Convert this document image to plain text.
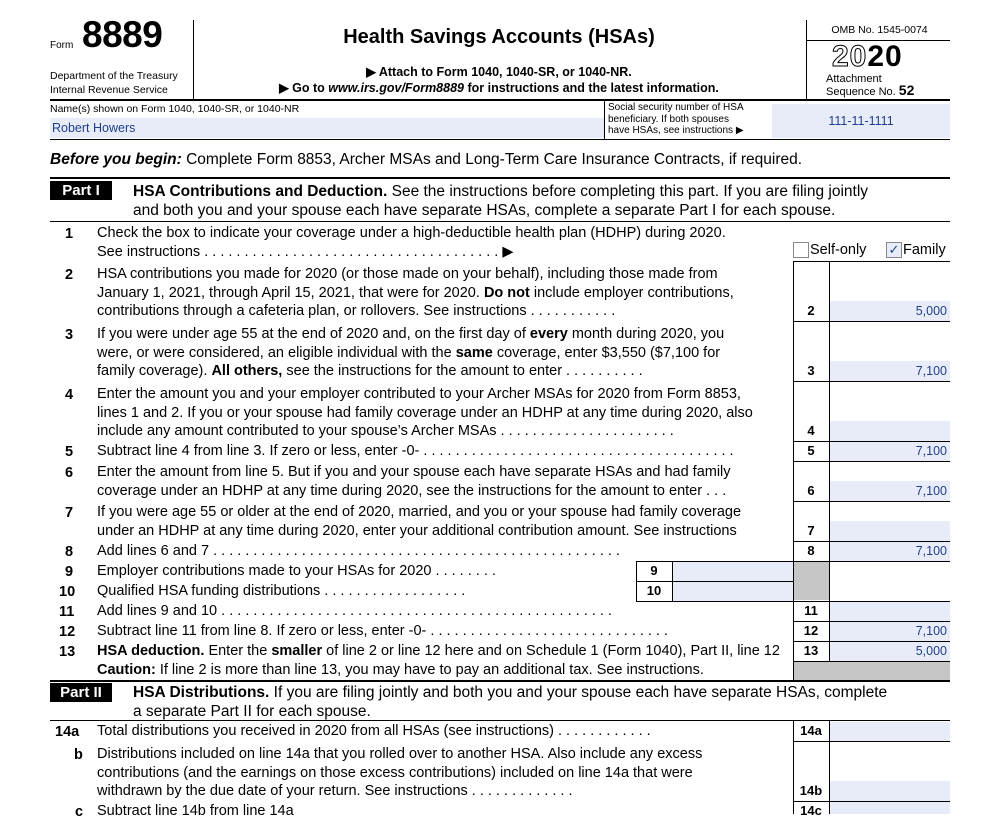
Form 8889
Department of the Treasury
Internal Revenue Service
Health Savings Accounts (HSAs)
▶ Attach to Form 1040, 1040-SR, or 1040-NR.
▶ Go to www.irs.gov/Form8889 for instructions and the latest information.
OMB No. 1545-0074
2020
Attachment
Sequence No. 52
Name(s) shown on Form 1040, 1040-SR, or 1040-NR
Robert Howers
Social security number of HSA
beneficiary. If both spouses
have HSAs, see instructions ▶
111-11-1111
Before you begin: Complete Form 8853, Archer MSAs and Long-Term Care Insurance Contracts, if required.
Part I	HSA Contributions and Deduction. See the instructions before completing this part. If you are filing jointly
and both you and your spouse each have separate HSAs, complete a separate Part I for each spouse.
1 Check the box to indicate your coverage under a high-deductible health plan (HDHP) during 2020.
See instructions . . . . . . . . . . . . . . . . . . . . . . . . . . . . . . . . . . . . . ▶	Self-only ✓ Family
2 HSA contributions you made for 2020 (or those made on your behalf), including those made from
January 1, 2021, through April 15, 2021, that were for 2020. Do not include employer contributions,
contributions through a cafeteria plan, or rollovers. See instructions . . . . . . . . . . .	2	5,000
3 If you were under age 55 at the end of 2020 and, on the first day of every month during 2020, you
were, or were considered, an eligible individual with the same coverage, enter $3,550 ($7,100 for
family coverage). All others, see the instructions for the amount to enter . . . . . . . . . .	3	7,100
4 Enter the amount you and your employer contributed to your Archer MSAs for 2020 from Form 8853,
lines 1 and 2. If you or your spouse had family coverage under an HDHP at any time during 2020, also
include any amount contributed to your spouse’s Archer MSAs . . . . . . . . . . . . . . . . . . . . . .	4
5 Subtract line 4 from line 3. If zero or less, enter -0- . . . . . . . . . . . . . . . . . . . . . . . . . . . . . . . . . . . . . . .	5	7,100
6 Enter the amount from line 5. But if you and your spouse each have separate HSAs and had family
coverage under an HDHP at any time during 2020, see the instructions for the amount to enter . . .	6	7,100
7 If you were age 55 or older at the end of 2020, married, and you or your spouse had family coverage
under an HDHP at any time during 2020, enter your additional contribution amount. See instructions	7
8 Add lines 6 and 7 . . . . . . . . . . . . . . . . . . . . . . . . . . . . . . . . . . . . . . . . . . . . . . . . . . .	8	7,100
9 Employer contributions made to your HSAs for 2020 . . . . . . . .	9
10 Qualified HSA funding distributions . . . . . . . . . . . . . . . . . .	10
11 Add lines 9 and 10 . . . . . . . . . . . . . . . . . . . . . . . . . . . . . . . . . . . . . . . . . . . . . . . . .	11
12 Subtract line 11 from line 8. If zero or less, enter -0- . . . . . . . . . . . . . . . . . . . . . . . . . . . . . .	12	7,100
13 HSA deduction. Enter the smaller of line 2 or line 12 here and on Schedule 1 (Form 1040), Part II, line 12
Caution: If line 2 is more than line 13, you may have to pay an additional tax. See instructions.
13	5,000
Part II	HSA Distributions. If you are filing jointly and both you and your spouse each have separate HSAs, complete
a separate Part II for each spouse.
14a Total distributions you received in 2020 from all HSAs (see instructions) . . . . . . . . . . . .	14a
b Distributions included on line 14a that you rolled over to another HSA. Also include any excess
contributions (and the earnings on those excess contributions) included on line 14a that were
withdrawn by the due date of your return. See instructions . . . . . . . . . . . . .	14b
c Subtract line 14b from line 14a	14c
